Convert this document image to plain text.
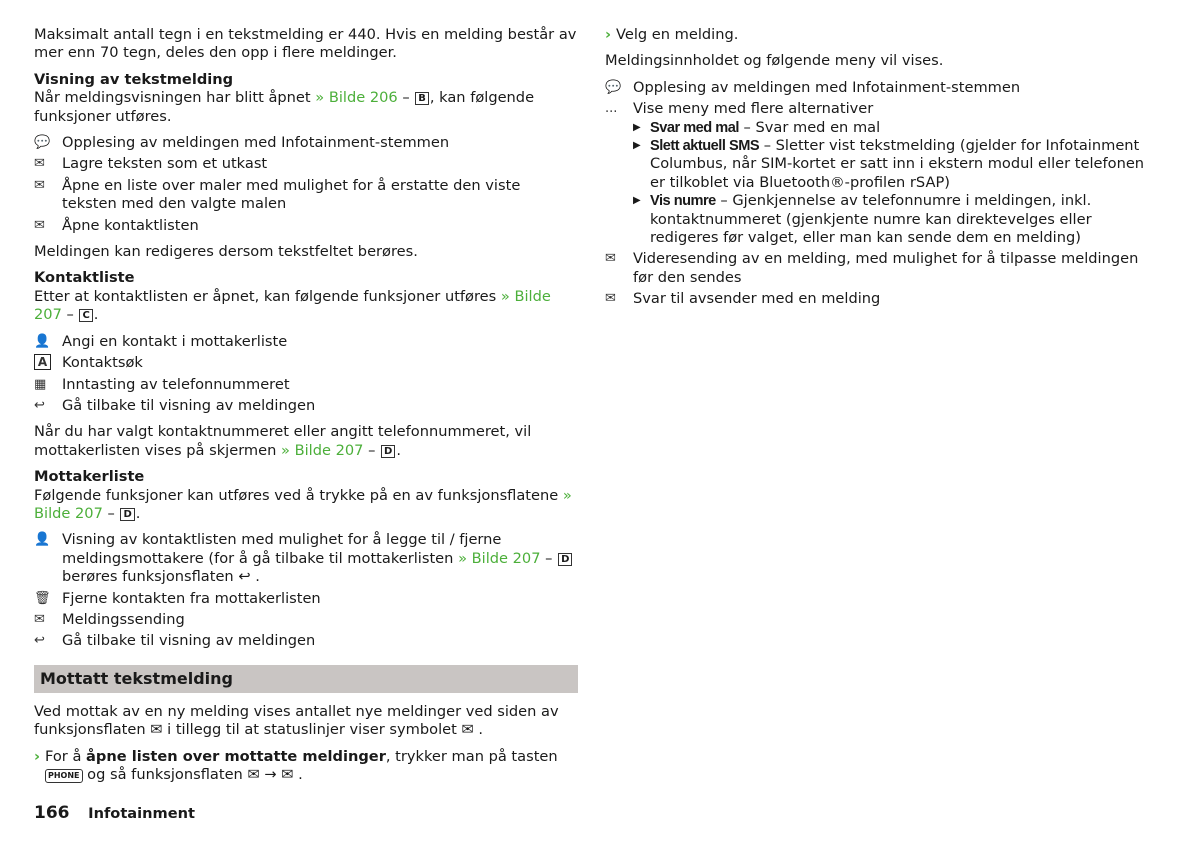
Maksimalt antall tegn i en tekstmelding er 440. Hvis en melding består av mer enn 70 tegn, deles den opp i flere meldinger.

Visning av tekstmelding

Når meldingsvisningen har blitt åpnet » Bilde 206 – B , kan følgende funksjoner utføres.

💬 Opplesing av meldingen med Infotainment-stemmen
✉	Lagre teksten som et utkast
✉	Åpne en liste over maler med mulighet for å erstatte den viste teksten med den valgte malen
✉	Åpne kontaktlisten

Meldingen kan redigeres dersom tekstfeltet berøres.

Kontaktliste

Etter at kontaktlisten er åpnet, kan følgende funksjoner utføres » Bilde 207 – C .

👤 Angi en kontakt i mottakerliste
A	Kontaktsøk
▦	Inntasting av telefonnummeret
↩	Gå tilbake til visning av meldingen

Når du har valgt kontaktnummeret eller angitt telefonnummeret, vil mottakerlisten vises på skjermen » Bilde 207 – D .

Mottakerliste

Følgende funksjoner kan utføres ved å trykke på en av funksjonsflatene » Bilde 207 – D .

👤 Visning av kontaktlisten med mulighet for å legge til / fjerne meldingsmottakere (for å gå tilbake til mottakerlisten » Bilde 207 – D berøres funksjonsflaten ↩ .
🗑 Fjerne kontakten fra mottakerlisten
✉	Meldingssending
↩	Gå tilbake til visning av meldingen
Mottatt tekstmelding

Ved mottak av en ny melding vises antallet nye meldinger ved siden av funksjonsflaten ✉ i tillegg til at statuslinjer viser symbolet ✉ .

› For å åpne listen over mottatte meldinger, trykker man på tasten PHONE og så funksjonsflaten ✉ → ✉ .

› Velg en melding.

Meldingsinnholdet og følgende meny vil vises.

💬 Opplesing av meldingen med Infotainment-stemmen
...	Vise meny med flere alternativer
▶ Svar med mal – Svar med en mal
▶ Slett aktuell SMS – Sletter vist tekstmelding (gjelder for Infotainment Columbus, når SIM-kortet er satt inn i ekstern modul eller telefonen er tilkoblet via Bluetooth®-profilen rSAP)
▶ Vis numre – Gjenkjennelse av telefonnumre i meldingen, inkl. kontaktnummeret (gjenkjente numre kan direktevelges eller redigeres før valget, eller man kan sende dem en melding)
✉	Videresending av en melding, med mulighet for å tilpasse meldingen før den sendes
✉	Svar til avsender med en melding
166 Infotainment
